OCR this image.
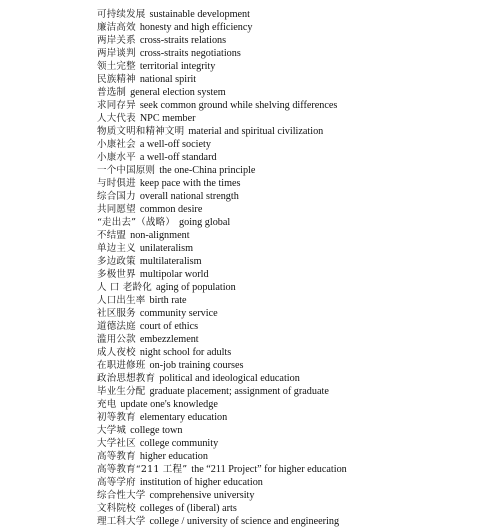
可持续发展 sustainable development
廉洁高效 honesty and high efficiency
两岸关系 cross-straits relations
两岸谈判 cross-straits negotiations
领土完整 territorial integrity
民族精神 national spirit
普选制 general election system
求同存异 seek common ground while shelving differences
人大代表 NPC member
物质文明和精神文明 material and spiritual civilization
小康社会 a well-off society
小康水平 a well-off standard
一个中国原则 the one-China principle
与时俱进 keep pace with the times
综合国力 overall national strength
共同愿望 common desire
“走出去”（战略） going global
不结盟 non-alignment
单边主义 unilateralism
多边政策 multilateralism
多极世界 multipolar world
人 口 老龄化 aging of population
人口出生率 birth rate
社区服务 community service
道德法庭 court of ethics
滥用公款 embezzlement
成人夜校 night school for adults
在职进修班 on-job training courses
政治思想教育 political and ideological education
毕业生分配 graduate placement; assignment of graduate
充电 update one's knowledge
初等教育 elementary education
大学城 college town
大学社区 college community
高等教育 higher education
高等教育“211 工程” the “211 Project” for higher education
高等学府 institution of higher education
综合性大学 comprehensive university
文科院校 colleges of (liberal) arts
理工科大学 college / university of science and engineering
